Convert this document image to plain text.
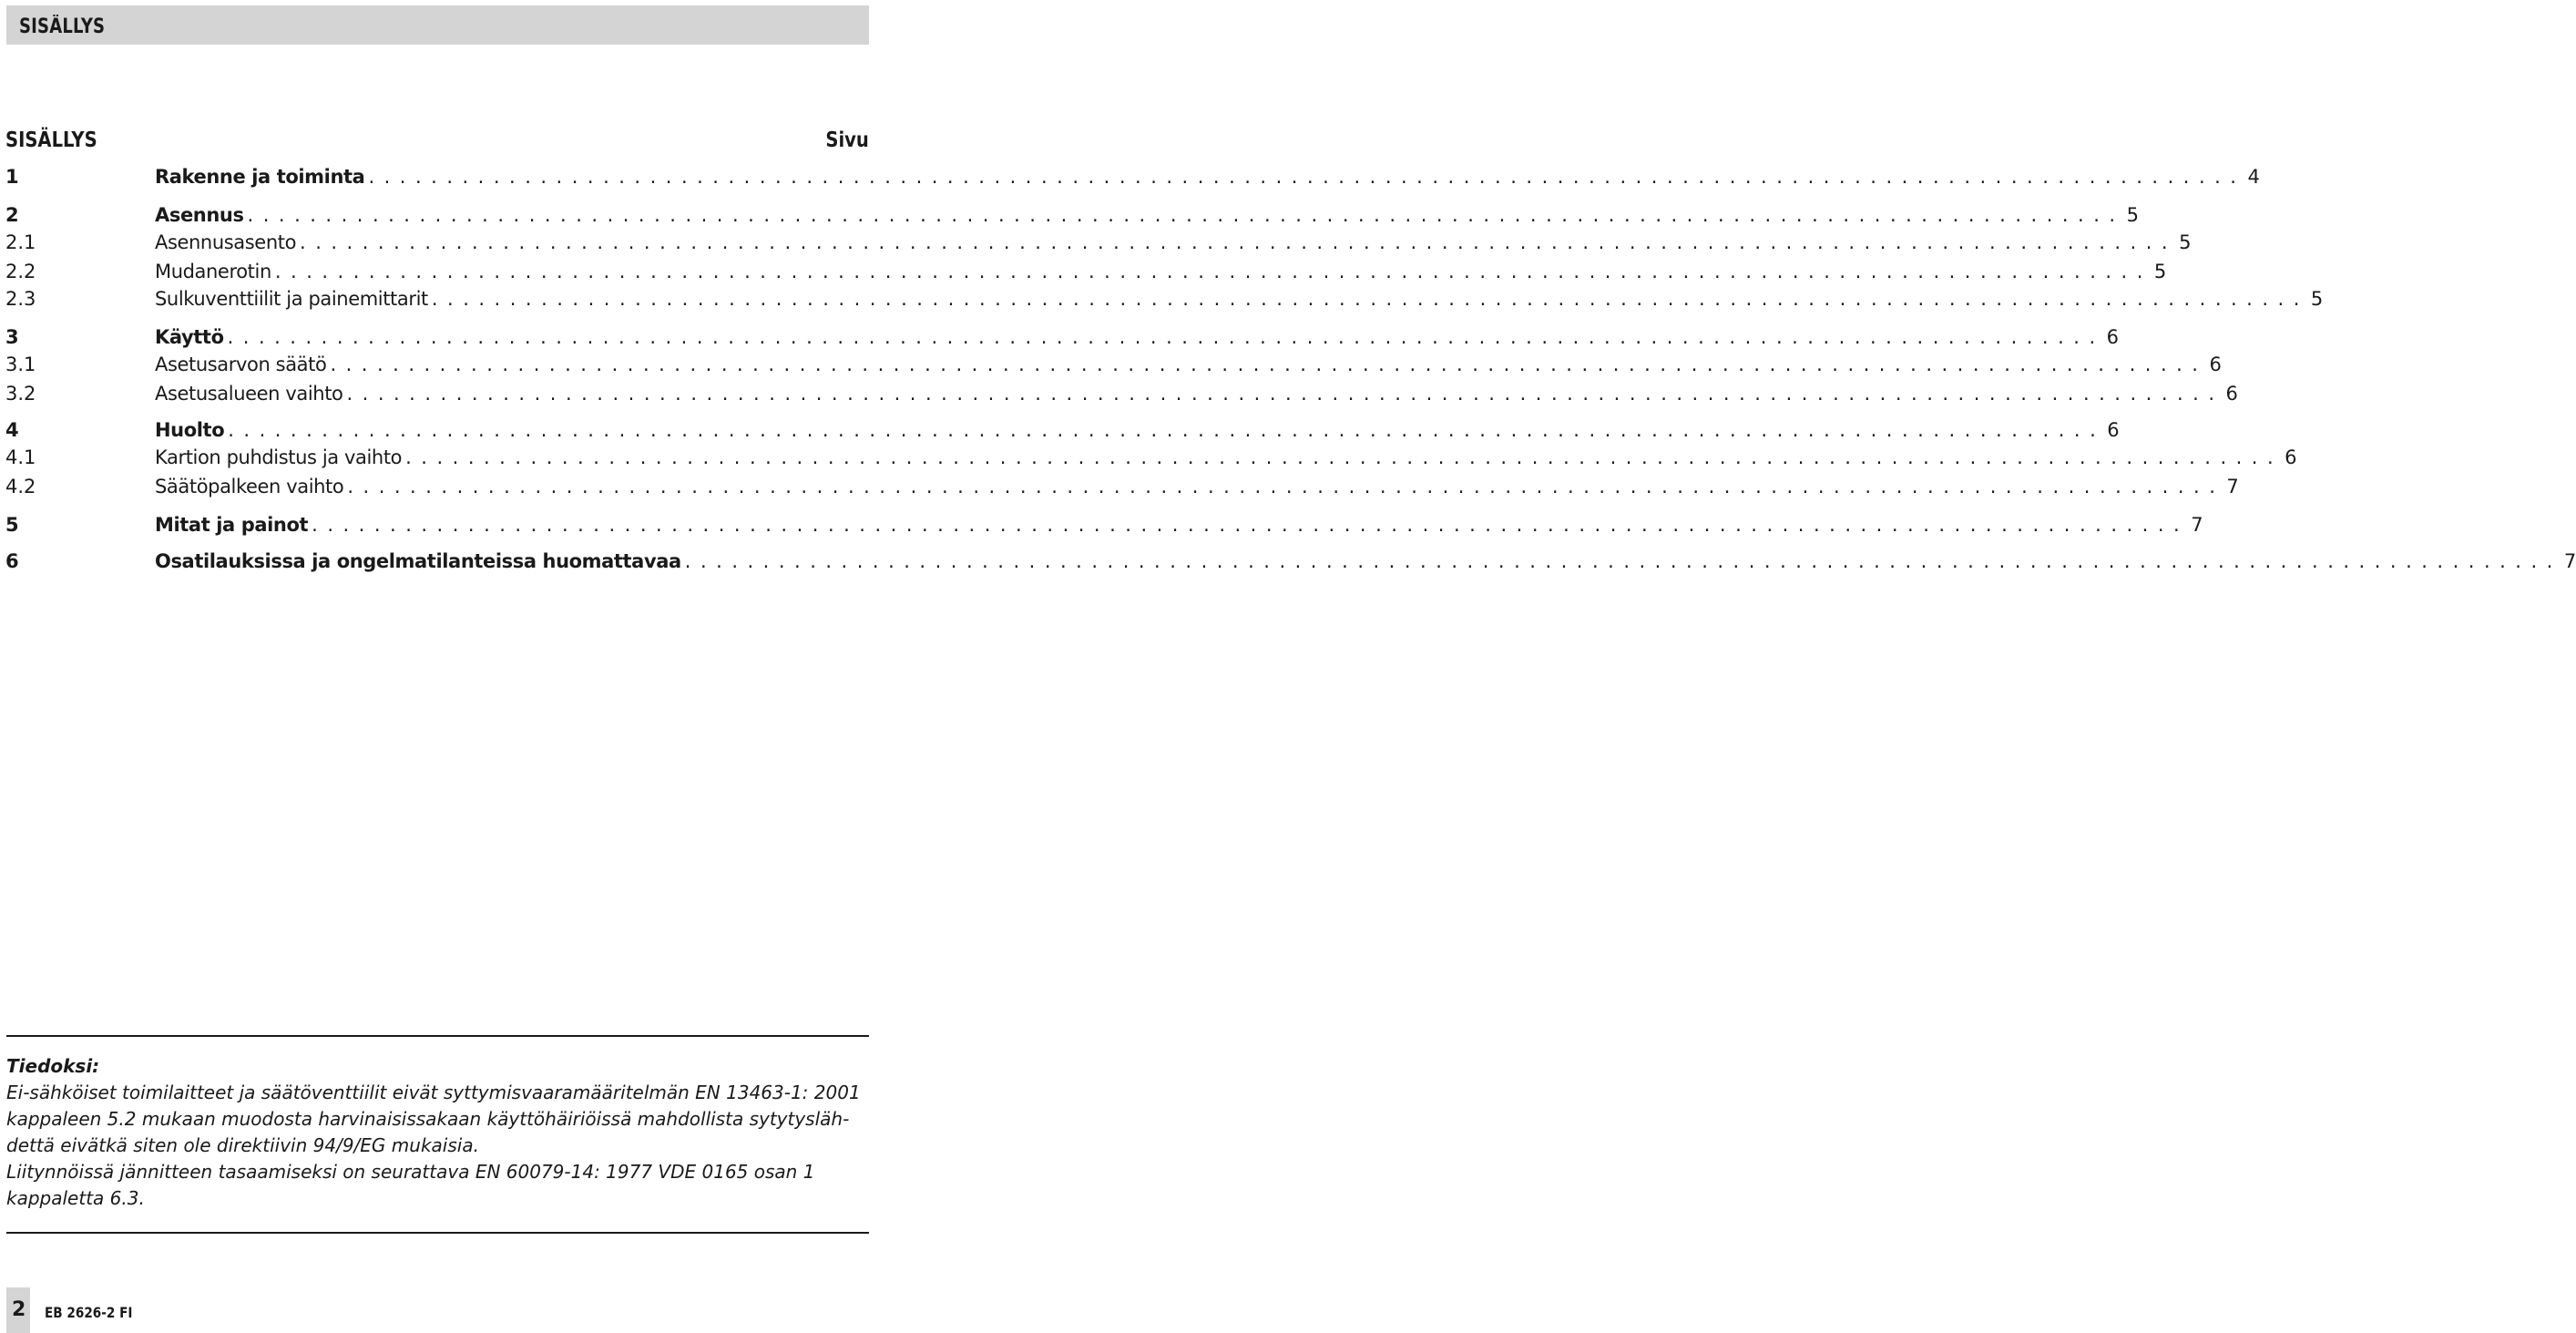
SISÄLLYS
SISÄLLYS	Sivu
1	Rakenne ja toiminta ........................................................................................................................ 4
2	Asennus ........................................................................................................................ 5
2.1	Asennusasento ........................................................................................................................ 5
2.2	Mudanerotin ........................................................................................................................ 5
2.3	Sulkuventtiilit ja painemittarit ........................................................................................................................ 5
3	Käyttö ........................................................................................................................ 6
3.1	Asetusarvon säätö ........................................................................................................................ 6
3.2	Asetusalueen vaihto ........................................................................................................................ 6
4	Huolto ........................................................................................................................ 6
4.1	Kartion puhdistus ja vaihto ........................................................................................................................ 6
4.2	Säätöpalkeen vaihto ........................................................................................................................ 7
5	Mitat ja painot ........................................................................................................................ 7
6	Osatilauksissa ja ongelmatilanteissa huomattavaa ........................................................................................................................ 7
Tiedoksi:
Ei-sähköiset toimilaitteet ja säätöventtiilit eivät syttymisvaaramääritelmän EN 13463-1: 2001
kappaleen 5.2 mukaan muodosta harvinaisissakaan käyttöhäiriöissä mahdollista sytytysläh-
dettä eivätkä siten ole direktiivin 94/9/EG mukaisia.
Liitynnöissä jännitteen tasaamiseksi on seurattava EN 60079-14: 1977 VDE 0165 osan 1
kappaletta 6.3.
2 EB 2626-2 FI
